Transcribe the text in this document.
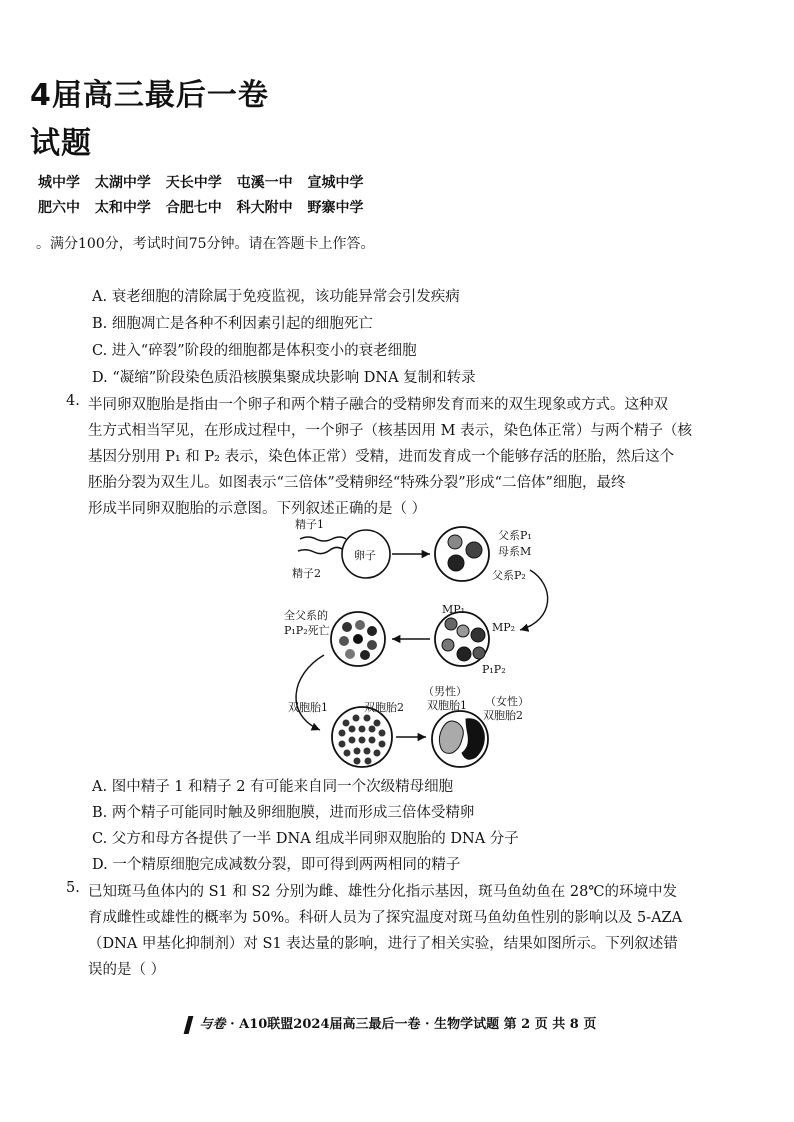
4届高三最后一卷
试题
城中学 太湖中学 天长中学 屯溪一中 宣城中学
肥六中 太和中学 合肥七中 科大附中 野寨中学
。满分100分，考试时间75分钟。请在答题卡上作答。
A. 衰老细胞的清除属于免疫监视，该功能异常会引发疾病
B. 细胞凋亡是各种不利因素引起的细胞死亡
C. 进入“碎裂”阶段的细胞都是体积变小的衰老细胞
D. “凝缩”阶段染色质沿核膜集聚成块影响 DNA 复制和转录
4. 半同卵双胞胎是指由一个卵子和两个精子融合的受精卵发育而来的双生现象或方式。这种双
生方式相当罕见，在形成过程中，一个卵子（核基因用 M 表示，染色体正常）与两个精子（核
基因分别用 P₁ 和 P₂ 表示，染色体正常）受精，进而发育成一个能够存活的胚胎，然后这个
胚胎分裂为双生儿。如图表示“三倍体”受精卵经“特殊分裂”形成“二倍体”细胞，最终
形成半同卵双胞胎的示意图。下列叙述正确的是（ ）
精子1
精子2
卵子
父系P₁
母系M
父系P₂
MP₁
MP₂
P₁P₂
全父系的
P₁P₂死亡
双胞胎1	双胞胎2
（男性）
双胞胎1 （女性）
双胞胎2
A. 图中精子 1 和精子 2 有可能来自同一个次级精母细胞
B. 两个精子可能同时触及卵细胞膜，进而形成三倍体受精卵
C. 父方和母方各提供了一半 DNA 组成半同卵双胞胎的 DNA 分子
D. 一个精原细胞完成减数分裂，即可得到两两相同的精子
5. 已知斑马鱼体内的 S1 和 S2 分别为雌、雄性分化指示基因，斑马鱼幼鱼在 28℃的环境中发
育成雌性或雄性的概率为 50%。科研人员为了探究温度对斑马鱼幼鱼性别的影响以及 5-AZA
（DNA 甲基化抑制剂）对 S1 表达量的影响，进行了相关实验，结果如图所示。下列叙述错
误的是（ ）
与卷 · A10联盟2024届高三最后一卷 · 生物学试题 第 2 页 共 8 页
